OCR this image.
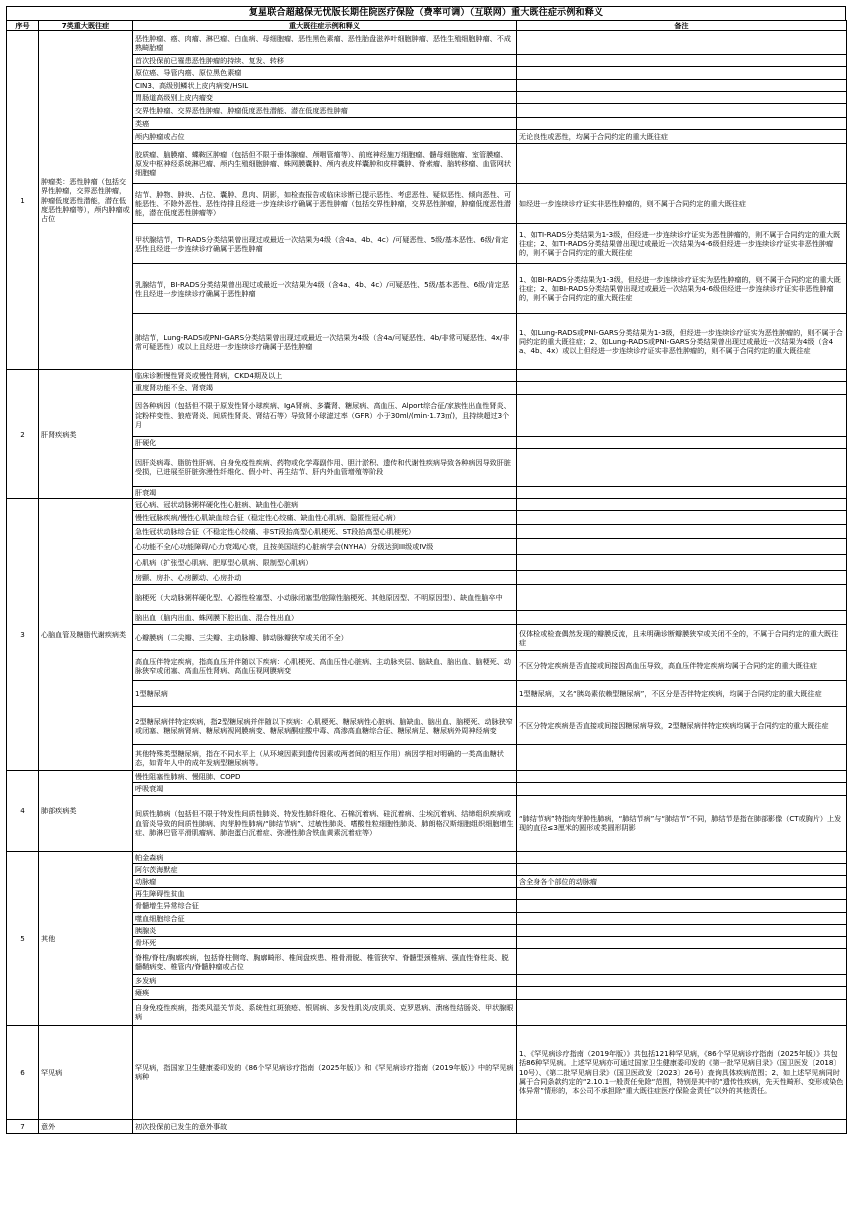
复星联合超越保无忧版长期住院医疗保险（费率可调）（互联网）重大既往症示例和释义
序号	7类重大既往症	重大既往症示例和释义	备注
1	肿瘤类：恶性肿瘤（包括交界性肿瘤，交界恶性肿瘤，肿瘤低度恶性潜能，潜在低度恶性肿瘤等），颅内肿瘤或占位	恶性肿瘤、癌、肉瘤、淋巴瘤、白血病、母细胞瘤、恶性黑色素瘤、恶性胎盘滋养叶细胞肿瘤、恶性生殖细胞肿瘤、不成熟畸胎瘤	
		首次投保前已罹患恶性肿瘤的持续、复发、转移	
		原位癌、导管内癌、原位黑色素瘤	
		CIN3、高级别鳞状上皮内病变/HSIL	
		胃肠道高级别上皮内瘤变	
		交界性肿瘤、交界恶性肿瘤、肿瘤低度恶性潜能、潜在低度恶性肿瘤	
		类癌	
		颅内肿瘤或占位	无论良性或恶性，均属于合同约定的重大既往症
		胶质瘤、脑膜瘤、蝶鞍区肿瘤（包括但不限于垂体腺瘤、颅咽管瘤等）、前庭神经施万细胞瘤、髓母细胞瘤、室管膜瘤、原发中枢神经系统淋巴瘤、颅内生殖细胞肿瘤、蛛网膜囊肿、颅内表皮样囊肿和皮样囊肿、脊索瘤、脑转移瘤、血管网状细胞瘤	
		结节、肿物、肿块、占位、囊肿、息肉、阴影，如检查报告或临床诊断已提示恶性、考虑恶性、疑似恶性、倾向恶性、可能恶性、不除外恶性、恶性待排且经进一步连续诊疗确属于恶性肿瘤（包括交界性肿瘤，交界恶性肿瘤，肿瘤低度恶性潜能，潜在低度恶性肿瘤等）	如经进一步连续诊疗证实非恶性肿瘤的，则不属于合同约定的重大既往症
		甲状腺结节，TI-RADS分类结果曾出现过或最近一次结果为4级（含4a、4b、4c）/可疑恶性、5级/基本恶性、6级/肯定恶性且经进一步连续诊疗确属于恶性肿瘤	1、如TI-RADS分类结果为1-3级，但经进一步连续诊疗证实为恶性肿瘤的，则不属于合同约定的重大既往症；2、如TI-RADS分类结果曾出现过或最近一次结果为4-6级但经进一步连续诊疗证实非恶性肿瘤的，则不属于合同约定的重大既往症
		乳腺结节，BI-RADS分类结果曾出现过或最近一次结果为4级（含4a、4b、4c）/可疑恶性、5级/基本恶性、6级/肯定恶性且经进一步连续诊疗确属于恶性肿瘤	1、如BI-RADS分类结果为1-3级，但经进一步连续诊疗证实为恶性肿瘤的，则不属于合同约定的重大既往症；2、如BI-RADS分类结果曾出现过或最近一次结果为4-6级但经进一步连续诊疗证实非恶性肿瘤的，则不属于合同约定的重大既往症
		肺结节，Lung-RADS或PNI-GARS分类结果曾出现过或最近一次结果为4级（含4a/可疑恶性、4b/非常可疑恶性、4x/非常可疑恶性）或以上且经进一步连续诊疗确属于恶性肿瘤	1、如Lung-RADS或PNI-GARS分类结果为1-3级，但经进一步连续诊疗证实为恶性肿瘤的，则不属于合同约定的重大既往症；2、如Lung-RADS或PNI-GARS分类结果曾出现过或最近一次结果为4级（含4a、4b、4x）或以上但经进一步连续诊疗证实非恶性肿瘤的，则不属于合同约定的重大既往症
2	肝肾疾病类	临床诊断慢性肾炎或慢性肾病，CKD4期及以上	
		重度肾功能不全、肾衰竭	
		因各种病因（包括但不限于原发性肾小球疾病、IgA肾病、多囊肾、糖尿病、高血压、Alport综合征/家族性出血性肾炎、淀粉样变性、狼疮肾炎、间质性肾炎、肾结石等）导致肾小球滤过率（GFR）小于30ml/(min·1.73㎡)，且持续超过3个月	
		肝硬化	
		因肝炎病毒、脂肪性肝病、自身免疫性疾病、药物或化学毒副作用、胆汁淤积、遗传和代谢性疾病导致各种病因导致肝脏受损，已进展至肝脏弥漫性纤维化、假小叶、再生结节、肝内外血管增殖等阶段	
		肝衰竭	
3	心脑血管及糖脂代谢疾病类	冠心病、冠状动脉粥样硬化性心脏病、缺血性心脏病	
		慢性冠脉疾病/慢性心肌缺血综合征（稳定性心绞痛、缺血性心肌病、隐匿性冠心病）	
		急性冠状动脉综合征（不稳定性心绞痛、非ST段抬高型心肌梗死、ST段抬高型心肌梗死）	
		心功能不全/心功能障碍/心力衰竭/心衰，且按美国纽约心脏病学会(NYHA）分级达到III级或IV级	
		心肌病（扩张型心肌病、肥厚型心肌病、限制型心肌病）	
		房颤、房扑、心房颤动、心房扑动	
		脑梗死（大动脉粥样硬化型、心源性栓塞型、小动脉闭塞型/腔隙性脑梗死、其他原因型、不明原因型）、缺血性脑卒中	
		脑出血（脑内出血、蛛网膜下腔出血、混合性出血）	
		心瓣膜病（二尖瓣、三尖瓣、主动脉瓣、肺动脉瓣狭窄或关闭不全）	仅体检或检查偶然发现的瓣膜反流，且未明确诊断瓣膜狭窄或关闭不全的，不属于合同约定的重大既往症
		高血压伴特定疾病，指高血压并伴随以下疾病：心肌梗死、高血压性心脏病、主动脉夹层、脑缺血、脑出血、脑梗死、动脉狭窄或闭塞、高血压性肾病、高血压视网膜病变	不区分特定疾病是否直接或间接因高血压导致，高血压伴特定疾病均属于合同约定的重大既往症
		1型糖尿病	1型糖尿病，又名“胰岛素依赖型糖尿病”，不区分是否伴特定疾病，均属于合同约定的重大既往症
		2型糖尿病伴特定疾病，指2型糖尿病并伴随以下疾病：心肌梗死、糖尿病性心脏病、脑缺血、脑出血、脑梗死、动脉狭窄或闭塞、糖尿病肾病、糖尿病视网膜病变、糖尿病酮症酸中毒、高渗高血糖综合征、糖尿病足、糖尿病外周神经病变	不区分特定疾病是否直接或间接因糖尿病导致，2型糖尿病伴特定疾病均属于合同约定的重大既往症
		其他特殊类型糖尿病，指在不同水平上（从环境因素到遗传因素或两者间的相互作用）病因学相对明确的一类高血糖状态，如青年人中的成年发病型糖尿病等。	
4	肺部疾病类	慢性阻塞性肺病、慢阻肺、COPD	
		呼吸衰竭	
		间质性肺病（包括但不限于特发性间质性肺炎、特发性肺纤维化、石棉沉着病、硅沉着病、尘埃沉着病、结缔组织疾病或血管炎导致的间质性肺病、肉芽肿性肺病/“肺结节病”、过敏性肺炎、嗜酸性粒细胞性肺炎、肺朗格汉斯细胞组织细胞增生症、肺淋巴管平滑肌瘤病、肺泡蛋白沉着症、弥漫性肺含铁血黄素沉着症等）	“肺结节病”特指肉芽肿性肺病，“肺结节病”与“肺结节”不同，肺结节是指在肺部影像（CT或胸片）上发现的直径≤3厘米的圆形或类圆形阴影
5	其他	帕金森病	
		阿尔茨海默症	
		动脉瘤	含全身各个部位的动脉瘤
		再生障碍性贫血	
		骨髓增生异常综合征	
		噬血细胞综合征	
		胰腺炎	
		骨坏死	
		脊椎/脊柱/胸廓疾病，包括脊柱侧弯、胸廓畸形、椎间盘疾患、椎骨滑脱、椎管狭窄、脊髓型颈椎病、强直性脊柱炎、脱髓鞘病变、椎管内/脊髓肿瘤或占位	
		多发病	
		瘫痪	
		自身免疫性疾病，指类风湿关节炎、系统性红斑狼疮、银屑病、多发性肌炎/皮肌炎、克罗恩病、溃疡性结肠炎、甲状腺眼病	
6	罕见病	罕见病，指国家卫生健康委印发的《86个罕见病诊疗指南（2025年版）》和《罕见病诊疗指南（2019年版）》中的罕见病病种	1、《罕见病诊疗指南（2019年版）》共包括121种罕见病，《86个罕见病诊疗指南（2025年版）》共包括86种罕见病。上述罕见病亦可通过国家卫生健康委印发的《第一批罕见病目录》（国卫医发〔2018〕10号）、《第二批罕见病目录》（国卫医政发〔2023〕26号）查询具体疾病范围；2、如上述罕见病同时属于合同条款约定的“2.10.1一般责任免除“范围，特别是其中的“遗传性疾病，先天性畸形、变形或染色体异常”情形的，本公司不承担除“重大既往症医疗保险金责任”以外的其他责任。
7	意外	初次投保前已发生的意外事故	
